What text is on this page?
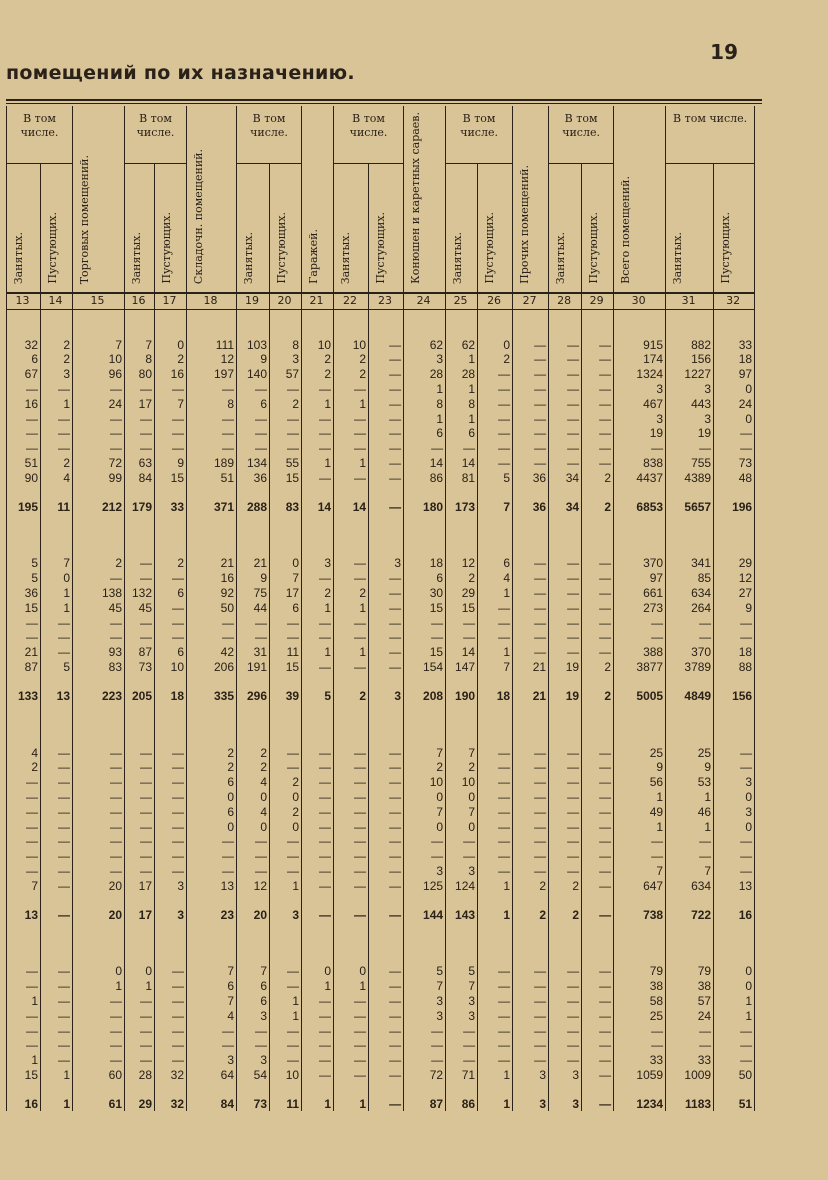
19
помещений по их назначению.
В том числе.		Торговых помещений.	В том числе.		Складочн. помещений.	В том числе.		Гаражей.	В том числе.		Конюшен и каретных сараев.	В том числе.		Прочих помещений.	В том числе.		Всего помещений.	В том числе.	
Занятых.	Пустующих.		Занятых.	Пустующих.		Занятых.	Пустующих.		Занятых.	Пустующих.		Занятых.	Пустующих.		Занятых.	Пустующих.		Занятых.	Пустующих.
13	14	15	16	17	18	19	20	21	22	23	24	25	26	27	28	29	30	31	32

32	2	7	7	0	111	103	8	10	10	—	62	62	0	—	—	—	915	882	33
6	2	10	8	2	12	9	3	2	2	—	3	1	2	—	—	—	174	156	18
67	3	96	80	16	197	140	57	2	2	—	28	28	—	—	—	—	1324	1227	97
—	—	—	—	—	—	—	—	—	—	—	1	1	—	—	—	—	3	3	0
16	1	24	17	7	8	6	2	1	1	—	8	8	—	—	—	—	467	443	24
—	—	—	—	—	—	—	—	—	—	—	1	1	—	—	—	—	3	3	0
—	—	—	—	—	—	—	—	—	—	—	6	6	—	—	—	—	19	19	—
—	—	—	—	—	—	—	—	—	—	—	—	—	—	—	—	—	—	—	—
51	2	72	63	9	189	134	55	1	1	—	14	14	—	—	—	—	838	755	73
90	4	99	84	15	51	36	15	—	—	—	86	81	5	36	34	2	4437	4389	48

195	11	212	179	33	371	288	83	14	14	—	180	173	7	36	34	2	6853	5657	196

5	7	2	—	2	21	21	0	3	—	3	18	12	6	—	—	—	370	341	29
5	0	—	—	—	16	9	7	—	—	—	6	2	4	—	—	—	97	85	12
36	1	138	132	6	92	75	17	2	2	—	30	29	1	—	—	—	661	634	27
15	1	45	45	—	50	44	6	1	1	—	15	15	—	—	—	—	273	264	9
—	—	—	—	—	—	—	—	—	—	—	—	—	—	—	—	—	—	—	—
—	—	—	—	—	—	—	—	—	—	—	—	—	—	—	—	—	—	—	—
21	—	93	87	6	42	31	11	1	1	—	15	14	1	—	—	—	388	370	18
87	5	83	73	10	206	191	15	—	—	—	154	147	7	21	19	2	3877	3789	88

133	13	223	205	18	335	296	39	5	2	3	208	190	18	21	19	2	5005	4849	156

4	—	—	—	—	2	2	—	—	—	—	7	7	—	—	—	—	25	25	—
2	—	—	—	—	2	2	—	—	—	—	2	2	—	—	—	—	9	9	—
—	—	—	—	—	6	4	2	—	—	—	10	10	—	—	—	—	56	53	3
—	—	—	—	—	0	0	0	—	—	—	0	0	—	—	—	—	1	1	0
—	—	—	—	—	6	4	2	—	—	—	7	7	—	—	—	—	49	46	3
—	—	—	—	—	0	0	0	—	—	—	0	0	—	—	—	—	1	1	0
—	—	—	—	—	—	—	—	—	—	—	—	—	—	—	—	—	—	—	—
—	—	—	—	—	—	—	—	—	—	—	—	—	—	—	—	—	—	—	—
—	—	—	—	—	—	—	—	—	—	—	3	3	—	—	—	—	7	7	—
7	—	20	17	3	13	12	1	—	—	—	125	124	1	2	2	—	647	634	13

13	—	20	17	3	23	20	3	—	—	—	144	143	1	2	2	—	738	722	16

—	—	0	0	—	7	7	—	0	0	—	5	5	—	—	—	—	79	79	0
—	—	1	1	—	6	6	—	1	1	—	7	7	—	—	—	—	38	38	0
1	—	—	—	—	7	6	1	—	—	—	3	3	—	—	—	—	58	57	1
—	—	—	—	—	4	3	1	—	—	—	3	3	—	—	—	—	25	24	1
—	—	—	—	—	—	—	—	—	—	—	—	—	—	—	—	—	—	—	—
—	—	—	—	—	—	—	—	—	—	—	—	—	—	—	—	—	—	—	—
1	—	—	—	—	3	3	—	—	—	—	—	—	—	—	—	—	33	33	—
15	1	60	28	32	64	54	10	—	—	—	72	71	1	3	3	—	1059	1009	50

16	1	61	29	32	84	73	11	1	1	—	87	86	1	3	3	—	1234	1183	51
